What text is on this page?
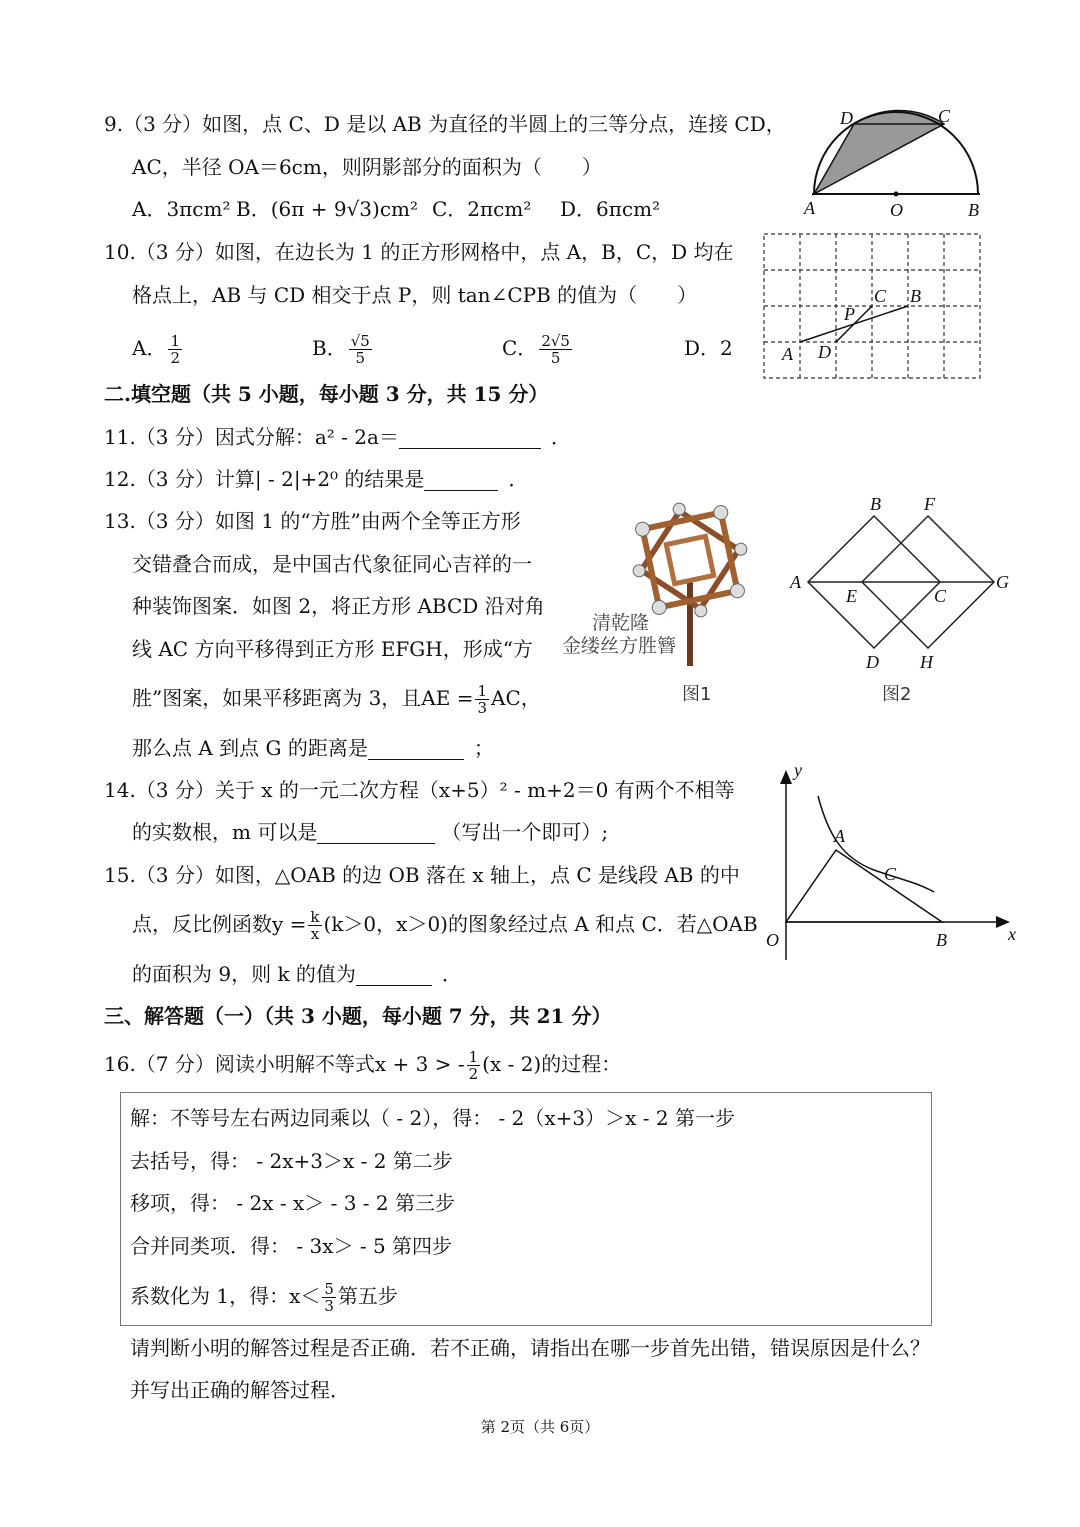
9.（3 分）如图，点 C、D 是以 AB 为直径的半圆上的三等分点，连接 CD，
AC，半径 OA＝6cm，则阴影部分的面积为（　　）
A．3πcm² B．(6π + 9√3)cm² C．2πcm² D．6πcm²
D	C
A	O	B
10.（3 分）如图，在边长为 1 的正方形网格中，点 A，B，C，D 均在
格点上，AB 与 CD 相交于点 P，则 tan∠CPB 的值为（　　）
A． $\frac{1}{2}$	B． $\frac{√5}{5}$	C． $\frac{2√5}{5}$	D．2	A D
P
C B
二.填空题（共 5 小题，每小题 3 分，共 15 分）
11.（3 分）因式分解：a² - 2a＝	．
12.（3 分）计算| - 2|+2⁰ 的结果是	．
13.（3 分）如图 1 的“方胜”由两个全等正方形
交错叠合而成，是中国古代象征同心吉祥的一
种装饰图案．如图 2，将正方形 ABCD 沿对角
线 AC 方向平移得到正方形 EFGH，形成“方
胜”图案，如果平移距离为 3，且AE = $\frac{1}{3}$ AC，
那么点 A 到点 G 的距离是	；
清乾隆
金缕丝方胜簪
图1
B F
A
E	C
G
D H
图2
14.（3 分）关于 x 的一元二次方程（x+5）² - m+2＝0 有两个不相等
的实数根，m 可以是	（写出一个即可）;
15.（3 分）如图，△OAB 的边 OB 落在 x 轴上，点 C 是线段 AB 的中
点，反比例函数$y = \frac{k}{x} (k>0$，x＞0)的图象经过点 A 和点 C．若△OAB
的面积为 9，则 k 的值为	．
y
x
O
A
C
B
三、解答题（一）（共 3 小题，每小题 7 分，共 21 分）
16.（7 分）阅读小明解不等式x + 3 > - $\frac{1}{2} (x - 2)$的过程：
解：不等号左右两边同乘以（ - 2），得： - 2（x+3）＞x - 2 第一步
去括号，得： - 2x+3＞x - 2 第二步
移项，得： - 2x - x＞ - 3 - 2 第三步
合并同类项．得： - 3x＞ - 5 第四步
系数化为 1，得：$x< \frac{5}{3}$ 第五步
请判断小明的解答过程是否正确．若不正确，请指出在哪一步首先出错，错误原因是什么？
并写出正确的解答过程．
第 2页（共 6页）
